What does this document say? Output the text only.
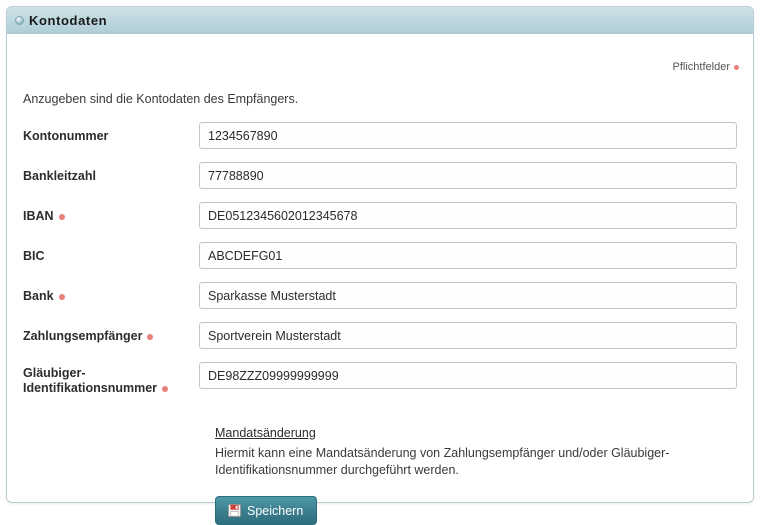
Kontodaten
Pflichtfelder
Anzugeben sind die Kontodaten des Empfängers.
Kontonummer
1234567890
Bankleitzahl
77788890
IBAN
DE0512345602012345678
BIC
ABCDEFG01
Bank
Sparkasse Musterstadt
Zahlungsempfänger
Sportverein Musterstadt
Gläubiger-Identifikationsnummer
DE98ZZZ09999999999
Mandatsänderung
Hiermit kann eine Mandatsänderung von Zahlungsempfänger und/oder Gläubiger-Identifikationsnummer durchgeführt werden.
Speichern
